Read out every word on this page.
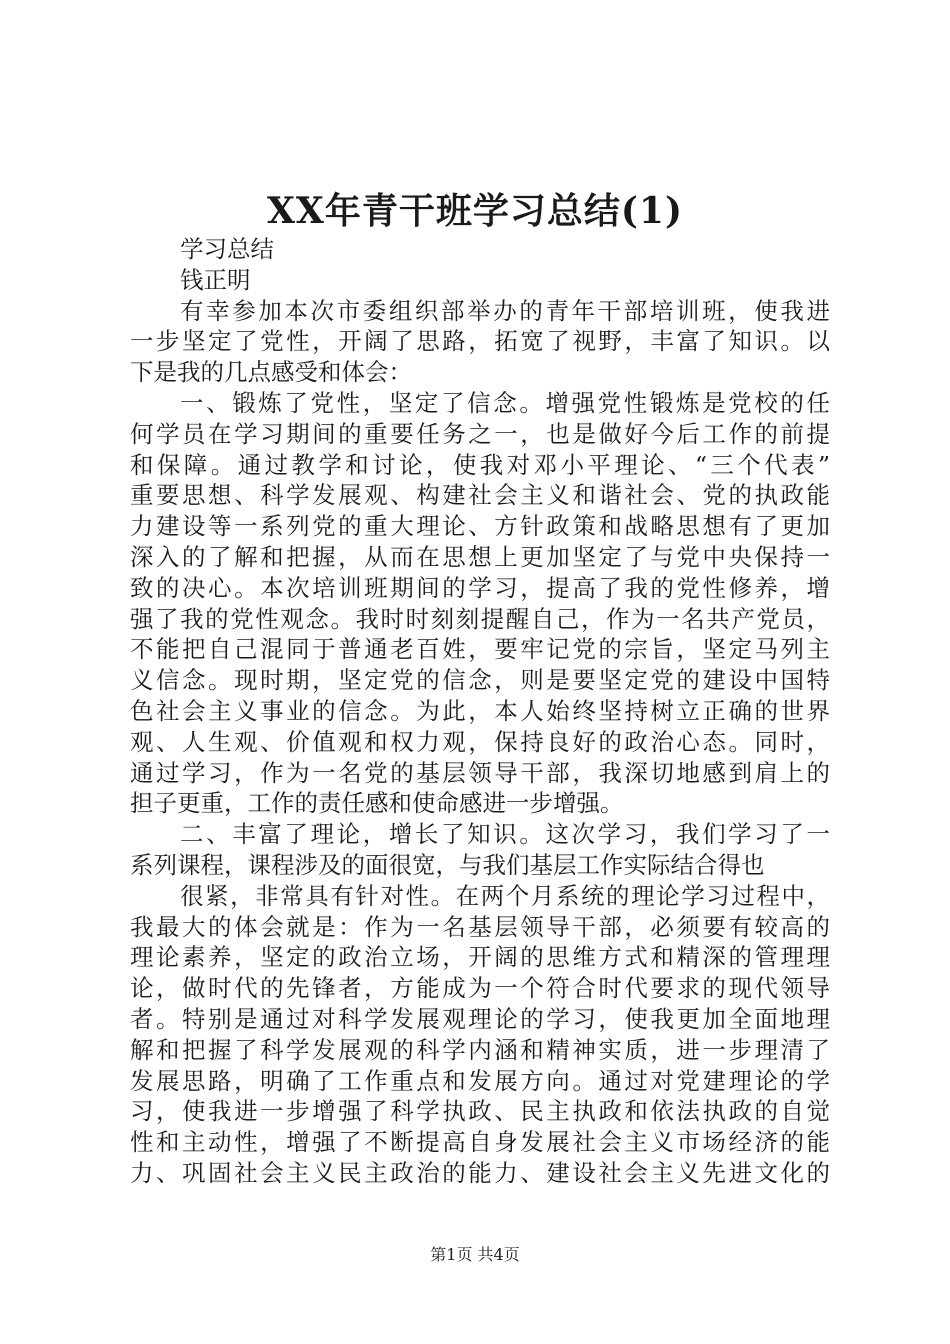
XX年青干班学习总结(1)
学习总结
钱正明
有幸参加本次市委组织部举办的青年干部培训班，使我进
一步坚定了党性，开阔了思路，拓宽了视野，丰富了知识。以
下是我的几点感受和体会：
一、锻炼了党性，坚定了信念。增强党性锻炼是党校的任
何学员在学习期间的重要任务之一，也是做好今后工作的前提
和保障。通过教学和讨论，使我对邓小平理论、“三个代表”
重要思想、科学发展观、构建社会主义和谐社会、党的执政能
力建设等一系列党的重大理论、方针政策和战略思想有了更加
深入的了解和把握，从而在思想上更加坚定了与党中央保持一
致的决心。本次培训班期间的学习，提高了我的党性修养，增
强了我的党性观念。我时时刻刻提醒自己，作为一名共产党员，
不能把自己混同于普通老百姓，要牢记党的宗旨，坚定马列主
义信念。现时期，坚定党的信念，则是要坚定党的建设中国特
色社会主义事业的信念。为此，本人始终坚持树立正确的世界
观、人生观、价值观和权力观，保持良好的政治心态。同时，
通过学习，作为一名党的基层领导干部，我深切地感到肩上的
担子更重，工作的责任感和使命感进一步增强。
二、丰富了理论，增长了知识。这次学习，我们学习了一
系列课程，课程涉及的面很宽，与我们基层工作实际结合得也
很紧，非常具有针对性。在两个月系统的理论学习过程中，
我最大的体会就是：作为一名基层领导干部，必须要有较高的
理论素养，坚定的政治立场，开阔的思维方式和精深的管理理
论，做时代的先锋者，方能成为一个符合时代要求的现代领导
者。特别是通过对科学发展观理论的学习，使我更加全面地理
解和把握了科学发展观的科学内涵和精神实质，进一步理清了
发展思路，明确了工作重点和发展方向。通过对党建理论的学
习，使我进一步增强了科学执政、民主执政和依法执政的自觉
性和主动性，增强了不断提高自身发展社会主义市场经济的能
力、巩固社会主义民主政治的能力、建设社会主义先进文化的
第1页 共4页
